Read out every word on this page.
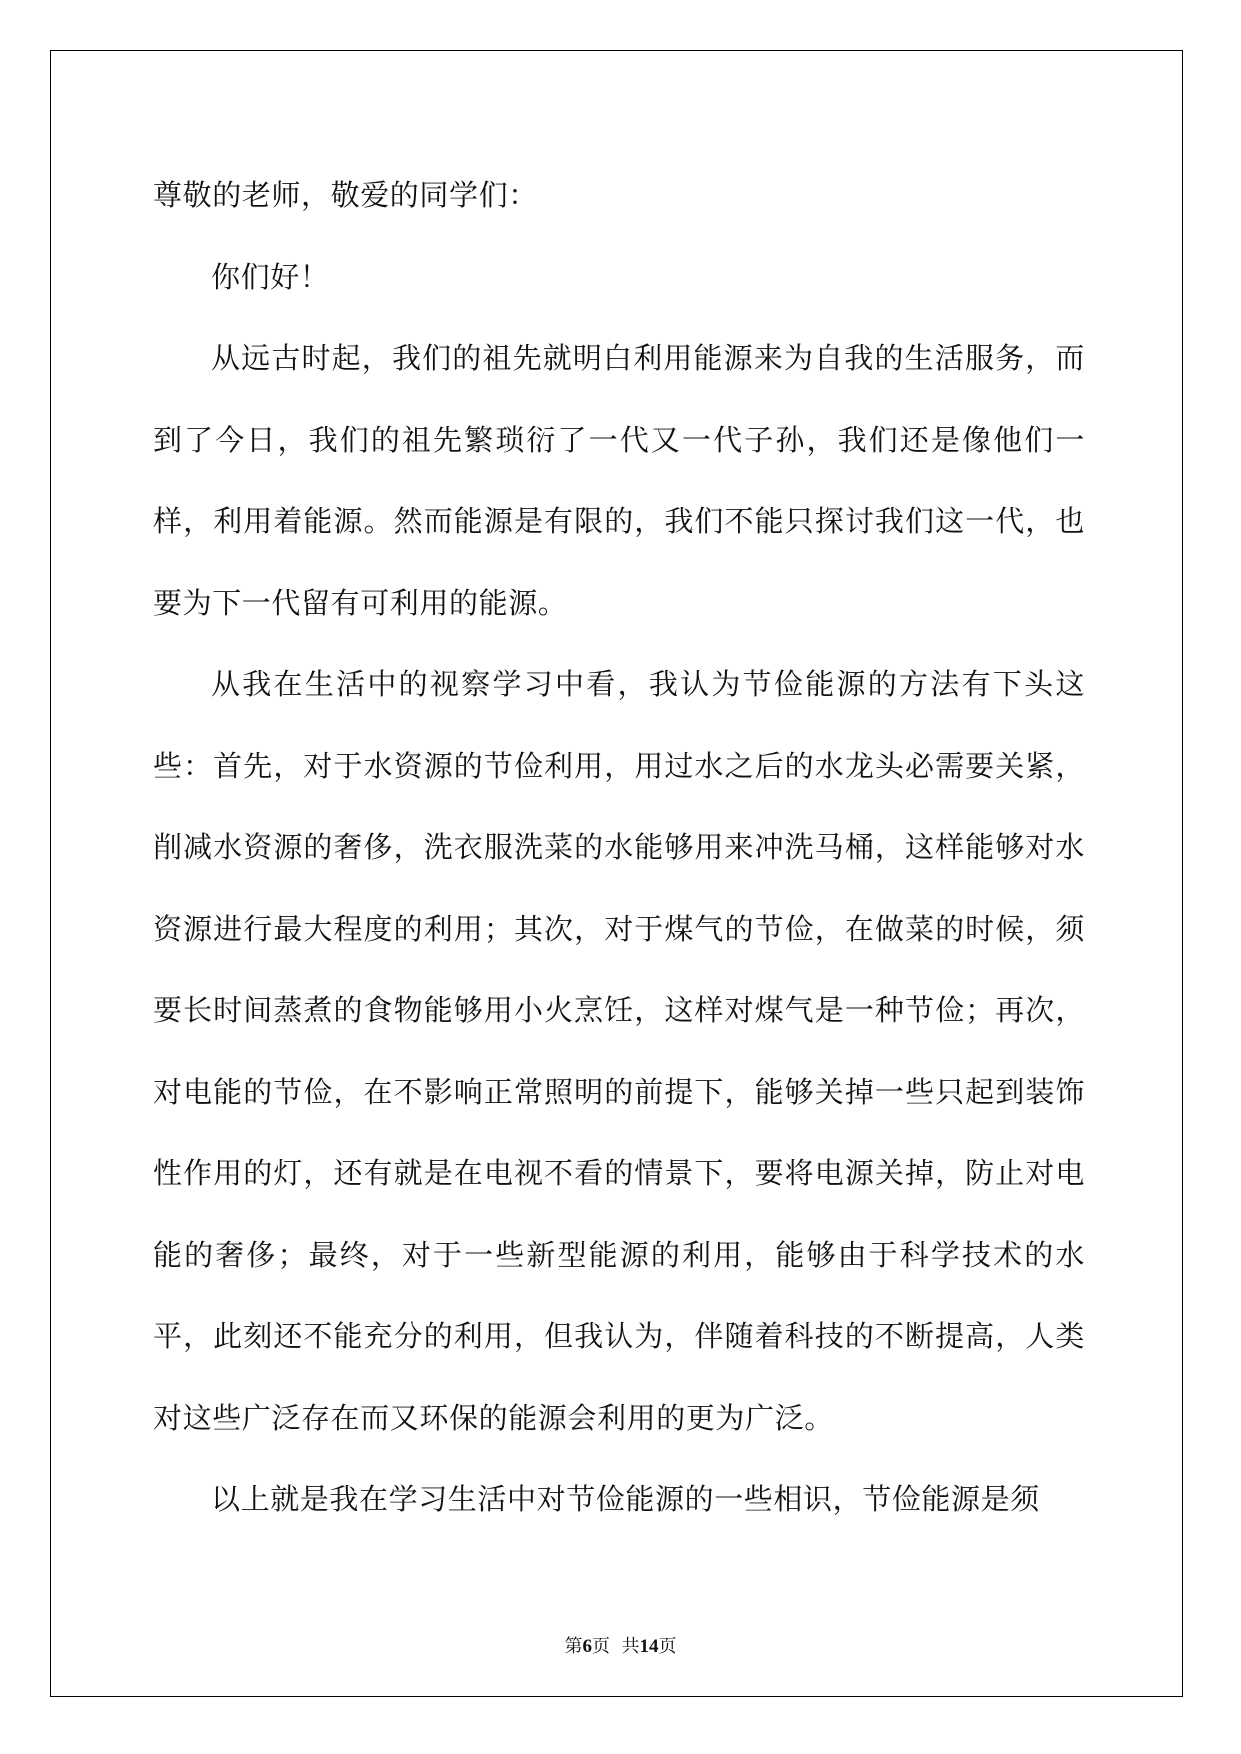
尊敬的老师，敬爱的同学们：

你们好！

从远古时起，我们的祖先就明白利用能源来为自我的生活服务，而到了今日，我们的祖先繁琐衍了一代又一代子孙，我们还是像他们一样，利用着能源。然而能源是有限的，我们不能只探讨我们这一代，也要为下一代留有可利用的能源。

从我在生活中的视察学习中看，我认为节俭能源的方法有下头这些：首先，对于水资源的节俭利用，用过水之后的水龙头必需要关紧，削减水资源的奢侈，洗衣服洗菜的水能够用来冲洗马桶，这样能够对水资源进行最大程度的利用；其次，对于煤气的节俭，在做菜的时候，须要长时间蒸煮的食物能够用小火烹饪，这样对煤气是一种节俭；再次，对电能的节俭，在不影响正常照明的前提下，能够关掉一些只起到装饰性作用的灯，还有就是在电视不看的情景下，要将电源关掉，防止对电能的奢侈；最终，对于一些新型能源的利用，能够由于科学技术的水平，此刻还不能充分的利用，但我认为，伴随着科技的不断提高，人类对这些广泛存在而又环保的能源会利用的更为广泛。

以上就是我在学习生活中对节俭能源的一些相识，节俭能源是须

第6页  共14页
